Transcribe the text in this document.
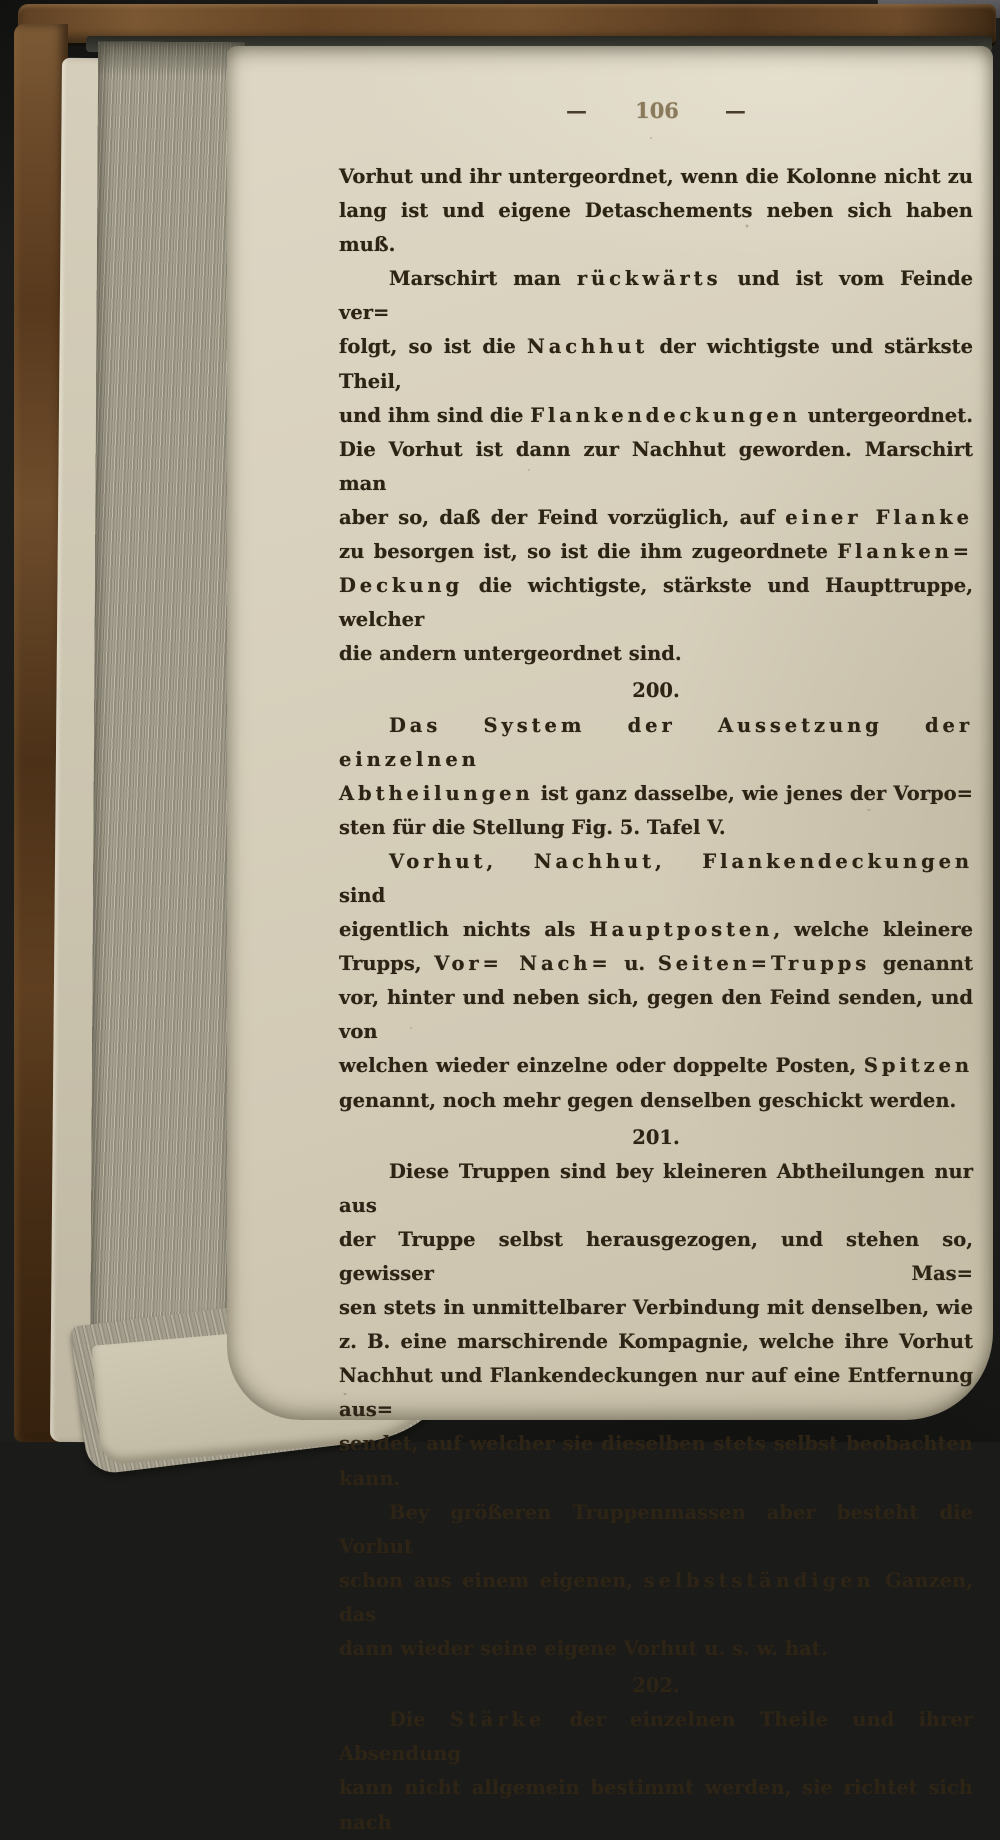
— 106 —
Vorhut und ihr untergeordnet, wenn die Kolonne nicht zu
lang ist und eigene Detaschements neben sich haben muß.
Marschirt man rückwärts und ist vom Feinde ver=
folgt, so ist die Nachhut der wichtigste und stärkste Theil,
und ihm sind die Flankendeckungen untergeordnet.
Die Vorhut ist dann zur Nachhut geworden. Marschirt man
aber so, daß der Feind vorzüglich, auf einer Flanke
zu besorgen ist, so ist die ihm zugeordnete Flanken=
Deckung die wichtigste, stärkste und Haupttruppe, welcher
die andern untergeordnet sind.
200.
Das System der Aussetzung der einzelnen
Abtheilungen ist ganz dasselbe, wie jenes der Vorpo=
sten für die Stellung Fig. 5. Tafel V.
Vorhut, Nachhut, Flankendeckungen sind
eigentlich nichts als Hauptposten, welche kleinere
Trupps, Vor= Nach= u. Seiten=Trupps genannt
vor, hinter und neben sich, gegen den Feind senden, und von
welchen wieder einzelne oder doppelte Posten, Spitzen
genannt, noch mehr gegen denselben geschickt werden.
201.
Diese Truppen sind bey kleineren Abtheilungen nur aus
der Truppe selbst herausgezogen, und stehen so, gewisser Mas=
sen stets in unmittelbarer Verbindung mit denselben, wie
z. B. eine marschirende Kompagnie, welche ihre Vorhut
Nachhut und Flankendeckungen nur auf eine Entfernung aus=
sendet, auf welcher sie dieselben stets selbst beobachten kann.
Bey größeren Truppenmassen aber besteht die Vorhut
schon aus einem eigenen, selbstständigen Ganzen, das
dann wieder seine eigene Vorhut u. s. w. hat.
202.
Die Stärke der einzelnen Theile und ihrer Absendung
kann nicht allgemein bestimmt werden, sie richtet sich nach
